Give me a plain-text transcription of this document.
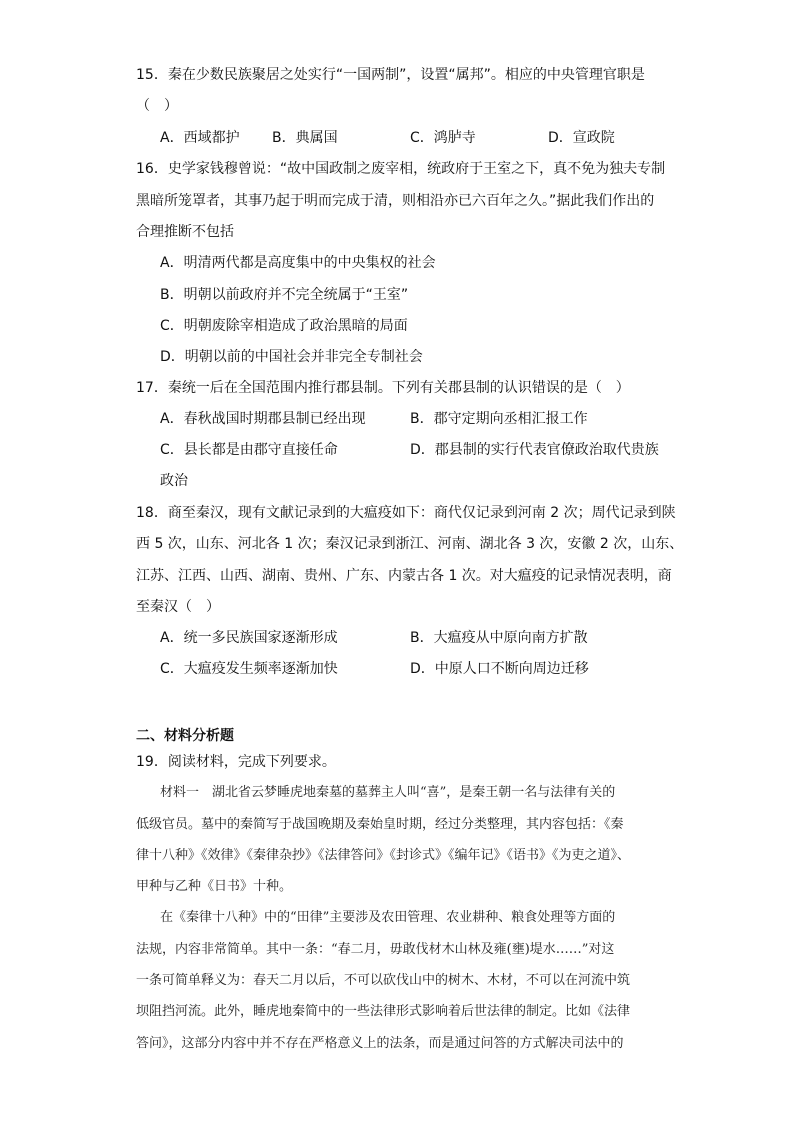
15．秦在少数民族聚居之处实行“一国两制”，设置“属邦”。相应的中央管理官职是
（　）
A．西域都护 B．典属国	C．鸿胪寺	D．宣政院
16．史学家钱穆曾说：“故中国政制之废宰相，统政府于王室之下，真不免为独夫专制
黑暗所笼罩者，其事乃起于明而完成于清，则相沿亦已六百年之久。”据此我们作出的
合理推断不包括
A．明清两代都是高度集中的中央集权的社会
B．明朝以前政府并不完全统属于“王室”
C．明朝废除宰相造成了政治黑暗的局面
D．明朝以前的中国社会并非完全专制社会
17．秦统一后在全国范围内推行郡县制。下列有关郡县制的认识错误的是（　）
A．春秋战国时期郡县制已经出现	B．郡守定期向丞相汇报工作
C．县长都是由郡守直接任命	D．郡县制的实行代表官僚政治取代贵族
政治
18．商至秦汉，现有文献记录到的大瘟疫如下：商代仅记录到河南 2 次；周代记录到陕
西 5 次，山东、河北各 1 次；秦汉记录到浙江、河南、湖北各 3 次，安徽 2 次，山东、
江苏、江西、山西、湖南、贵州、广东、内蒙古各 1 次。对大瘟疫的记录情况表明，商
至秦汉（　）
A．统一多民族国家逐渐形成	B．大瘟疫从中原向南方扩散
C．大瘟疫发生频率逐渐加快	D．中原人口不断向周边迁移
二、材料分析题
19．阅读材料，完成下列要求。
材料一　湖北省云梦睡虎地秦墓的墓葬主人叫“喜”，是秦王朝一名与法律有关的
低级官员。墓中的秦简写于战国晚期及秦始皇时期，经过分类整理，其内容包括：《秦
律十八种》《效律》《秦律杂抄》《法律答问》《封诊式》《编年记》《语书》《为吏之道》、
甲种与乙种《日书》十种。
在《秦律十八种》中的“田律”主要涉及农田管理、农业耕种、粮食处理等方面的
法规，内容非常简单。其中一条：“春二月，毋敢伐材木山林及雍(壅)堤水……”对这
一条可简单释义为：春天二月以后，不可以砍伐山中的树木、木材，不可以在河流中筑
坝阻挡河流。此外，睡虎地秦简中的一些法律形式影响着后世法律的制定。比如《法律
答问》，这部分内容中并不存在严格意义上的法条，而是通过问答的方式解决司法中的
